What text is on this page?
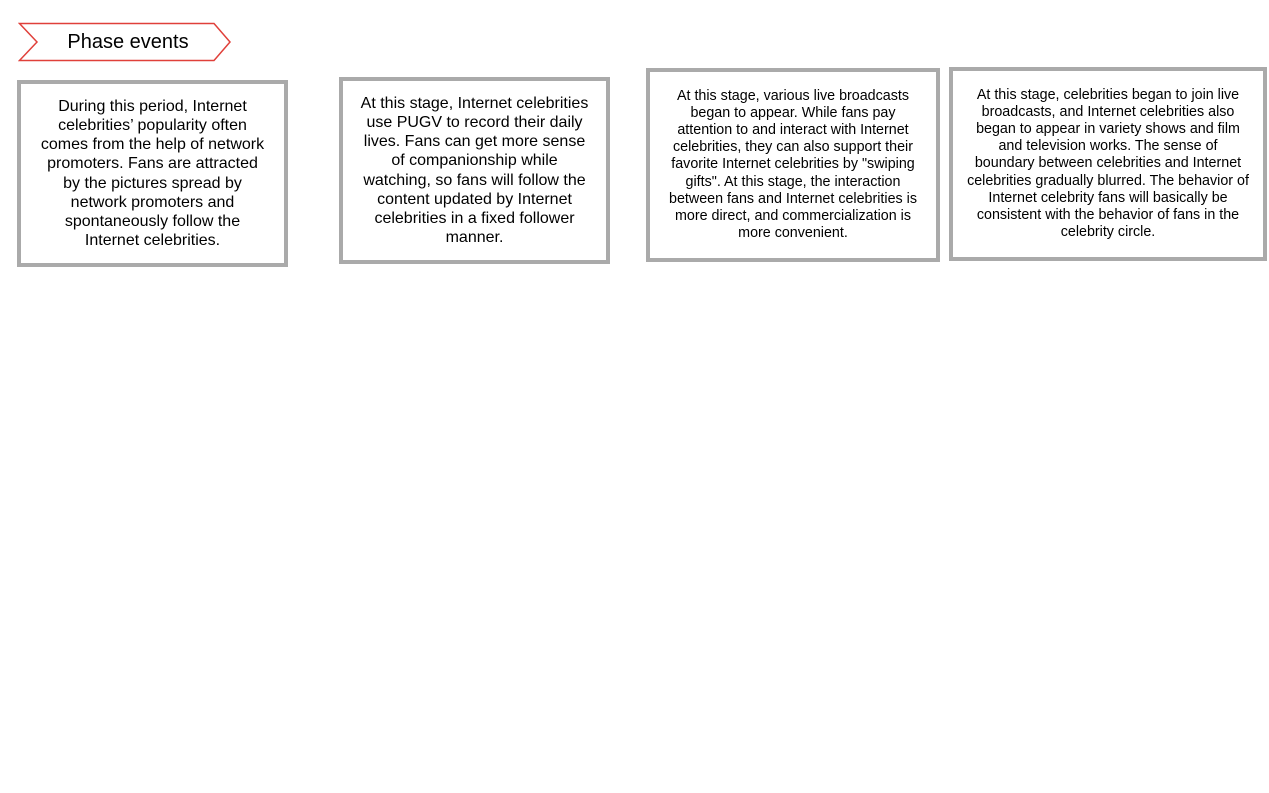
Phase events
During this period, Internet celebrities’ popularity often comes from the help of network promoters. Fans are attracted by the pictures spread by network promoters and spontaneously follow the Internet celebrities.
At this stage, Internet celebrities use PUGV to record their daily lives. Fans can get more sense of companionship while watching, so fans will follow the content updated by Internet celebrities in a fixed follower manner.
At this stage, various live broadcasts began to appear. While fans pay attention to and interact with Internet celebrities, they can also support their favorite Internet celebrities by "swiping gifts". At this stage, the interaction between fans and Internet celebrities is more direct, and commercialization is more convenient.
At this stage, celebrities began to join live broadcasts, and Internet celebrities also began to appear in variety shows and film and television works. The sense of boundary between celebrities and Internet celebrities gradually blurred. The behavior of Internet celebrity fans will basically be consistent with the behavior of fans in the celebrity circle.
